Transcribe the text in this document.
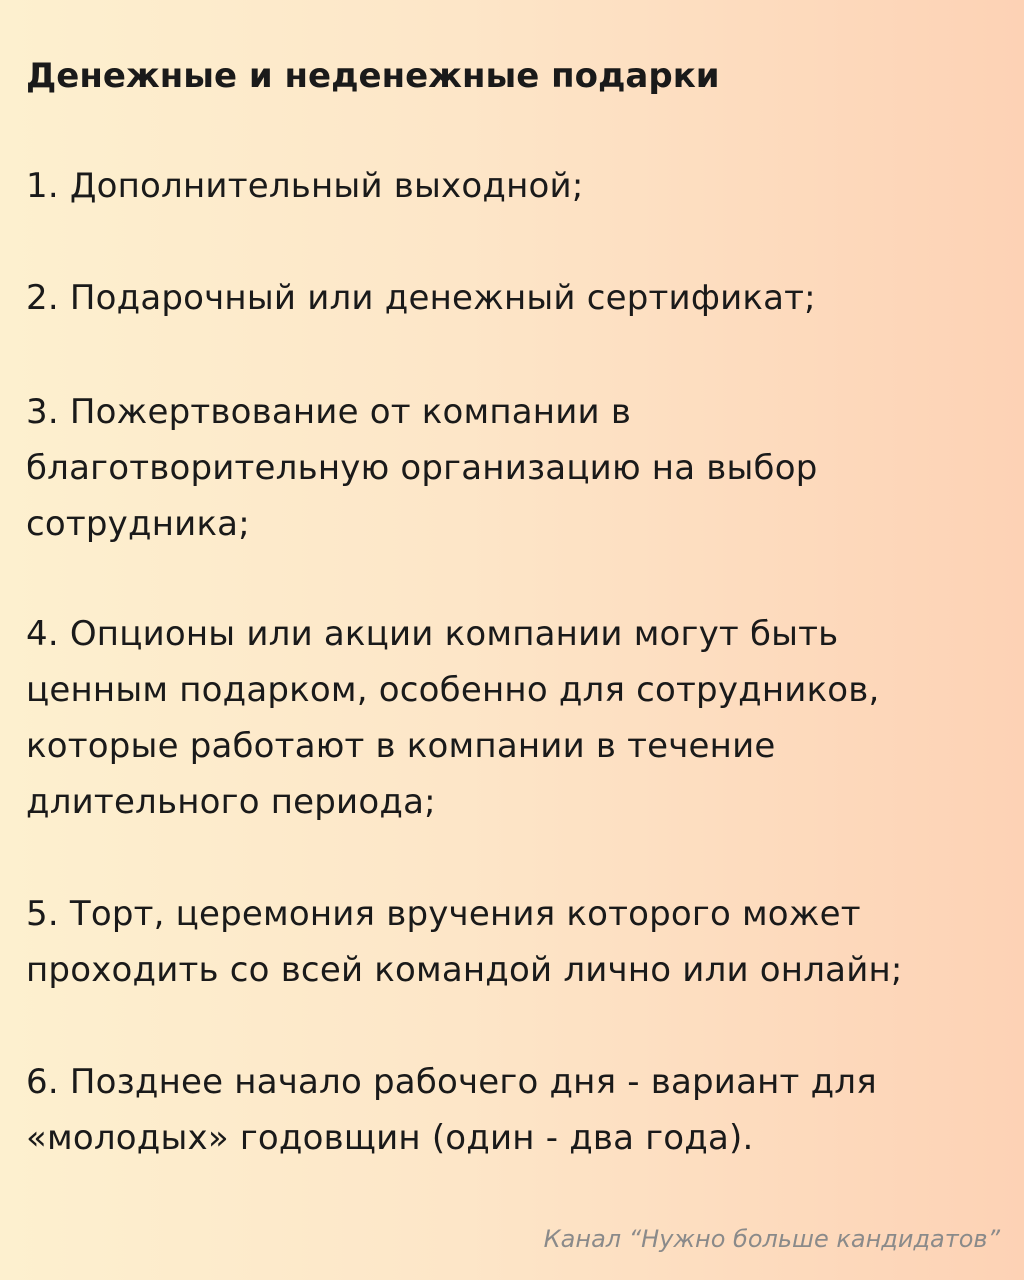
Денежные и неденежные подарки

1. Дополнительный выходной;

2. Подарочный или денежный сертификат;

3. Пожертвование от компании в
благотворительную организацию на выбор
сотрудника;

4. Опционы или акции компании могут быть
ценным подарком, особенно для сотрудников,
которые работают в компании в течение
длительного периода;

5. Торт, церемония вручения которого может
проходить со всей командой лично или онлайн;

6. Позднее начало рабочего дня - вариант для
«молодых» годовщин (один - два года).

Канал “Нужно больше кандидатов”
